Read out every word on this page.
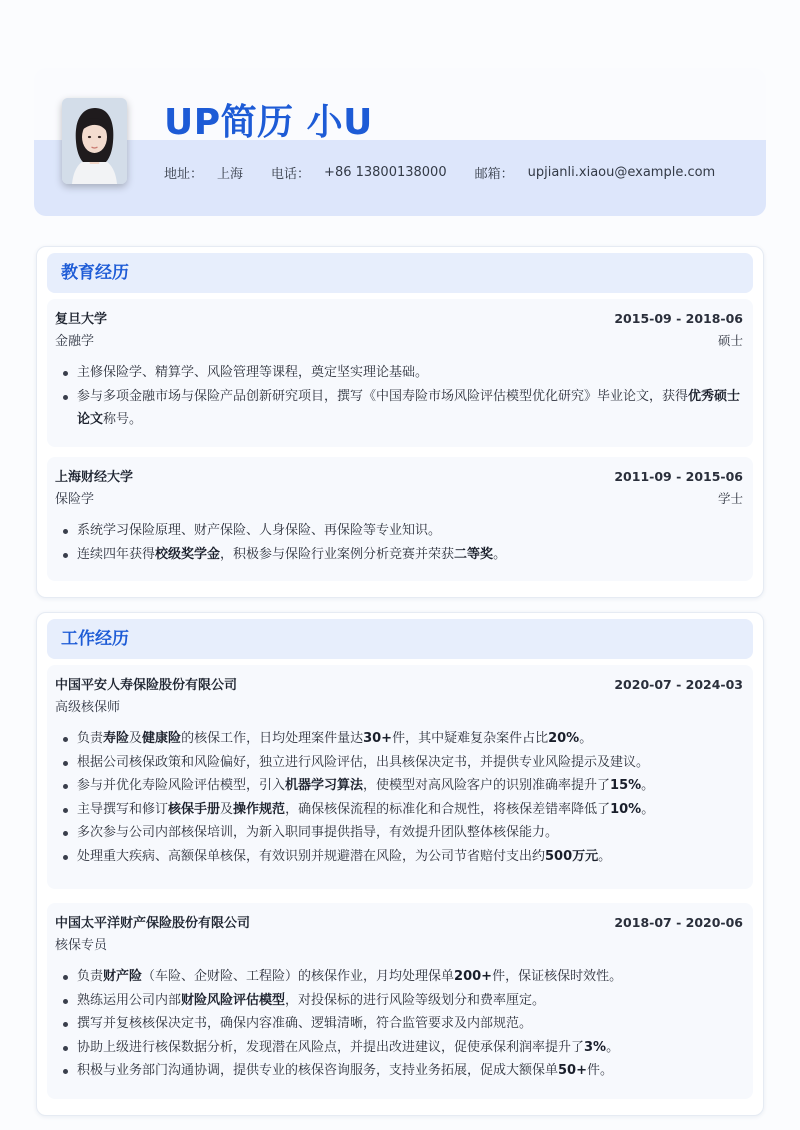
UP简历 小U
地址： 上海 电话： +86 13800138000 邮箱： upjianli.xiaou@example.com
教育经历
复旦大学
金融学
2015-09 - 2018-06
硕士
主修保险学、精算学、风险管理等课程，奠定坚实理论基础。
参与多项金融市场与保险产品创新研究项目，撰写《中国寿险市场风险评估模型优化研究》毕业论文，获得优秀硕士论文称号。
上海财经大学
保险学
2011-09 - 2015-06
学士
系统学习保险原理、财产保险、人身保险、再保险等专业知识。
连续四年获得校级奖学金，积极参与保险行业案例分析竞赛并荣获二等奖。
工作经历
中国平安人寿保险股份有限公司
高级核保师
2020-07 - 2024-03
负责寿险及健康险的核保工作，日均处理案件量达30+件，其中疑难复杂案件占比20%。
根据公司核保政策和风险偏好，独立进行风险评估，出具核保决定书，并提供专业风险提示及建议。
参与并优化寿险风险评估模型，引入机器学习算法，使模型对高风险客户的识别准确率提升了15%。
主导撰写和修订核保手册及操作规范，确保核保流程的标准化和合规性，将核保差错率降低了10%。
多次参与公司内部核保培训，为新入职同事提供指导，有效提升团队整体核保能力。
处理重大疾病、高额保单核保，有效识别并规避潜在风险，为公司节省赔付支出约500万元。
中国太平洋财产保险股份有限公司
核保专员
2018-07 - 2020-06
负责财产险（车险、企财险、工程险）的核保作业，月均处理保单200+件，保证核保时效性。
熟练运用公司内部财险风险评估模型，对投保标的进行风险等级划分和费率厘定。
撰写并复核核保决定书，确保内容准确、逻辑清晰，符合监管要求及内部规范。
协助上级进行核保数据分析，发现潜在风险点，并提出改进建议，促使承保利润率提升了3%。
积极与业务部门沟通协调，提供专业的核保咨询服务，支持业务拓展，促成大额保单50+件。
